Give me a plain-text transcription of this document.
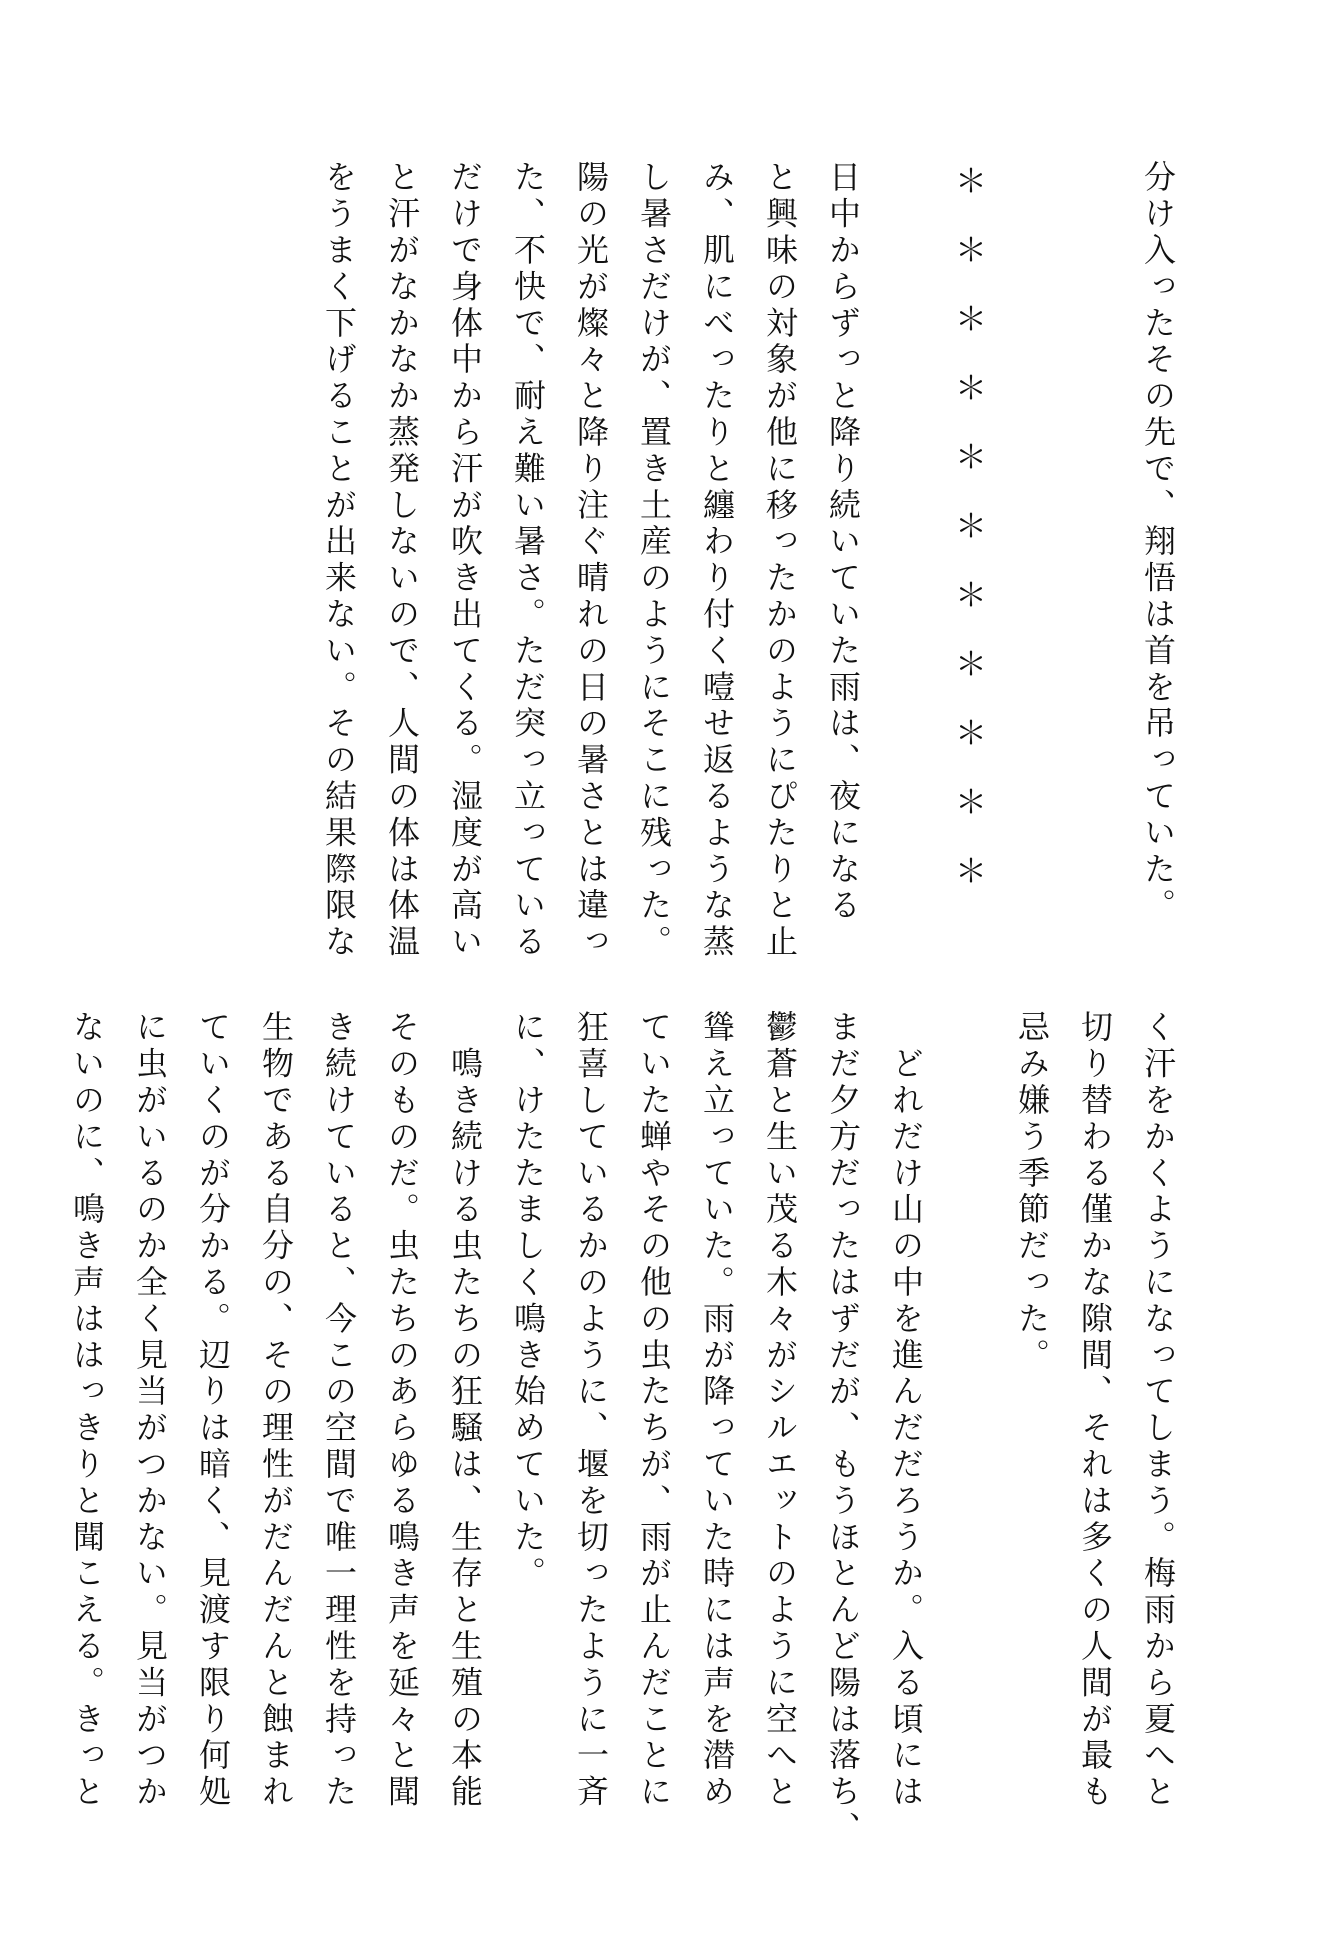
分け入ったその先で、翔悟は首を吊っていた。
＊＊＊＊＊＊＊＊＊＊＊
日中からずっと降り続いていた雨は、夜になる
と興味の対象が他に移ったかのようにぴたりと止
み、肌にべったりと纏わり付く噎せ返るような蒸
し暑さだけが、置き土産のようにそこに残った。
陽の光が燦々と降り注ぐ晴れの日の暑さとは違っ
た、不快で、耐え難い暑さ。ただ突っ立っている
だけで身体中から汗が吹き出てくる。湿度が高い
と汗がなかなか蒸発しないので、人間の体は体温
をうまく下げることが出来ない。その結果際限な
く汗をかくようになってしまう。梅雨から夏へと
切り替わる僅かな隙間、それは多くの人間が最も
忌み嫌う季節だった。
　どれだけ山の中を進んだだろうか。入る頃には
まだ夕方だったはずだが、もうほとんど陽は落ち、
鬱蒼と生い茂る木々がシルエットのように空へと
聳え立っていた。雨が降っていた時には声を潜め
ていた蝉やその他の虫たちが、雨が止んだことに
狂喜しているかのように、堰を切ったように一斉
に、けたたましく鳴き始めていた。
　鳴き続ける虫たちの狂騒は、生存と生殖の本能
そのものだ。虫たちのあらゆる鳴き声を延々と聞
き続けていると、今この空間で唯一理性を持った
生物である自分の、その理性がだんだんと蝕まれ
ていくのが分かる。辺りは暗く、見渡す限り何処
に虫がいるのか全く見当がつかない。見当がつか
ないのに、鳴き声ははっきりと聞こえる。きっと
